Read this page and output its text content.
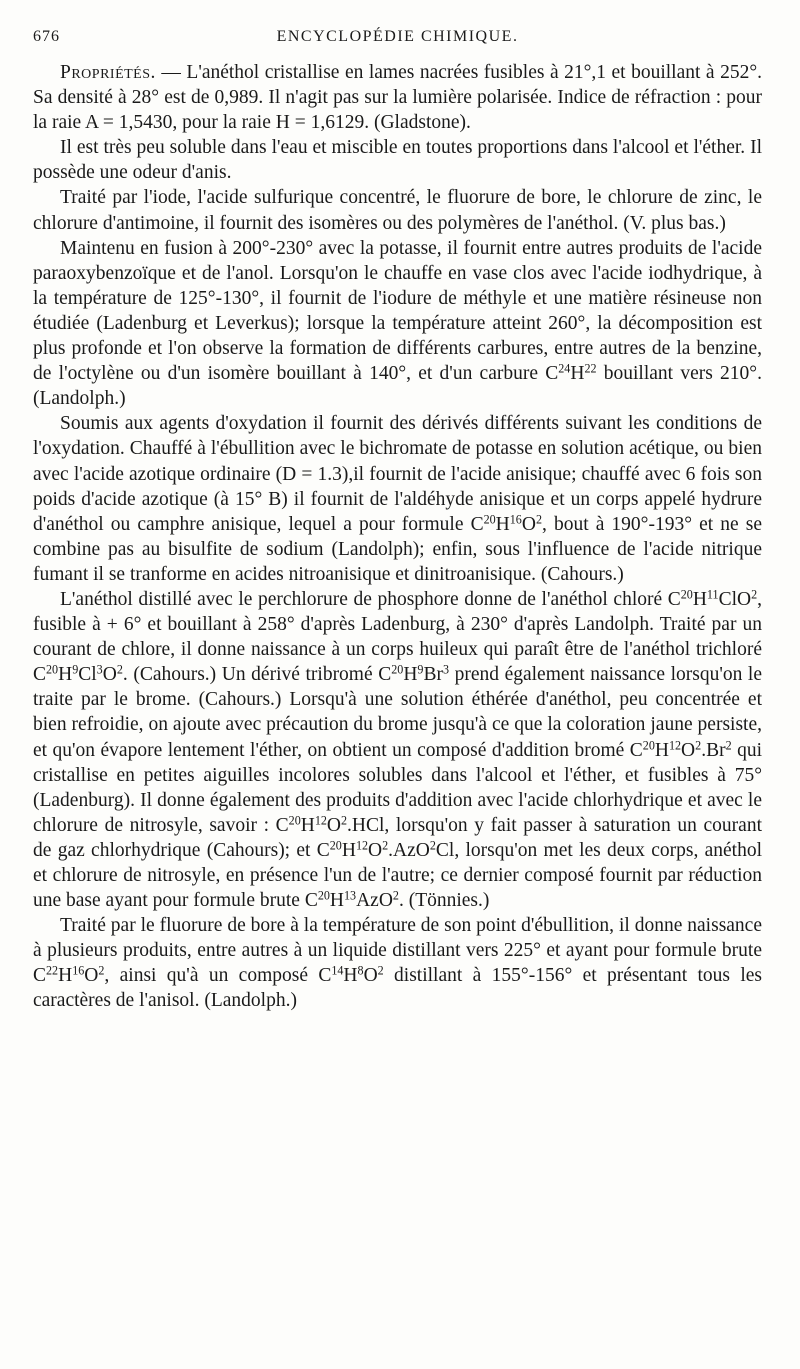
676	ENCYCLOPÉDIE CHIMIQUE.

Propriétés. — L'anéthol cristallise en lames nacrées fusibles à 21°,1 et bouillant à 252°. Sa densité à 28° est de 0,989. Il n'agit pas sur la lumière polarisée. Indice de réfraction : pour la raie A = 1,5430, pour la raie H = 1,6129. (Gladstone).

Il est très peu soluble dans l'eau et miscible en toutes proportions dans l'alcool et l'éther. Il possède une odeur d'anis.

Traité par l'iode, l'acide sulfurique concentré, le fluorure de bore, le chlorure de zinc, le chlorure d'antimoine, il fournit des isomères ou des polymères de l'anéthol. (V. plus bas.)

Maintenu en fusion à 200°-230° avec la potasse, il fournit entre autres produits de l'acide paraoxybenzoïque et de l'anol. Lorsqu'on le chauffe en vase clos avec l'acide iodhydrique, à la température de 125°-130°, il fournit de l'iodure de méthyle et une matière résineuse non étudiée (Ladenburg et Leverkus); lorsque la température atteint 260°, la décomposition est plus profonde et l'on observe la formation de différents carbures, entre autres de la benzine, de l'octylène ou d'un isomère bouillant à 140°, et d'un carbure $C^{24}H^{22}$ bouillant vers 210°. (Landolph.)

Soumis aux agents d'oxydation il fournit des dérivés différents suivant les conditions de l'oxydation. Chauffé à l'ébullition avec le bichromate de potasse en solution acétique, ou bien avec l'acide azotique ordinaire (D = 1.3),il fournit de l'acide anisique; chauffé avec 6 fois son poids d'acide azotique (à 15° B) il fournit de l'aldéhyde anisique et un corps appelé hydrure d'anéthol ou camphre anisique, lequel a pour formule $C^{20}H^{16}O^2$, bout à 190°-193° et ne se combine pas au bisulfite de sodium (Landolph); enfin, sous l'influence de l'acide nitrique fumant il se tranforme en acides nitroanisique et dinitroanisique. (Cahours.)

L'anéthol distillé avec le perchlorure de phosphore donne de l'anéthol chloré $C^{20}H^{11}ClO^2$, fusible à + 6° et bouillant à 258° d'après Ladenburg, à 230° d'après Landolph. Traité par un courant de chlore, il donne naissance à un corps huileux qui paraît être de l'anéthol trichloré $C^{20}H^9Cl^3O^2$. (Cahours.) Un dérivé tribromé $C^{20}H^9Br^3$ prend également naissance lorsqu'on le traite par le brome. (Cahours.) Lorsqu'à une solution éthérée d'anéthol, peu concentrée et bien refroidie, on ajoute avec précaution du brome jusqu'à ce que la coloration jaune persiste, et qu'on évapore lentement l'éther, on obtient un composé d'addition bromé $C^{20}H^{12}O^2.Br^2$ qui cristallise en petites aiguilles incolores solubles dans l'alcool et l'éther, et fusibles à 75° (Ladenburg). Il donne également des produits d'addition avec l'acide chlorhydrique et avec le chlorure de nitrosyle, savoir : $C^{20}H^{12}O^2.HCl$, lorsqu'on y fait passer à saturation un courant de gaz chlorhydrique (Cahours); et $C^{20}H^{12}O^2.AzO^2Cl$, lorsqu'on met les deux corps, anéthol et chlorure de nitrosyle, en présence l'un de l'autre; ce dernier composé fournit par réduction une base ayant pour formule brute $C^{20}H^{13}AzO^2$. (Tönnies.)

Traité par le fluorure de bore à la température de son point d'ébullition, il donne naissance à plusieurs produits, entre autres à un liquide distillant vers 225° et ayant pour formule brute $C^{22}H^{16}O^2$, ainsi qu'à un composé $C^{14}H^8O^2$ distillant à 155°-156° et présentant tous les caractères de l'anisol. (Landolph.)
